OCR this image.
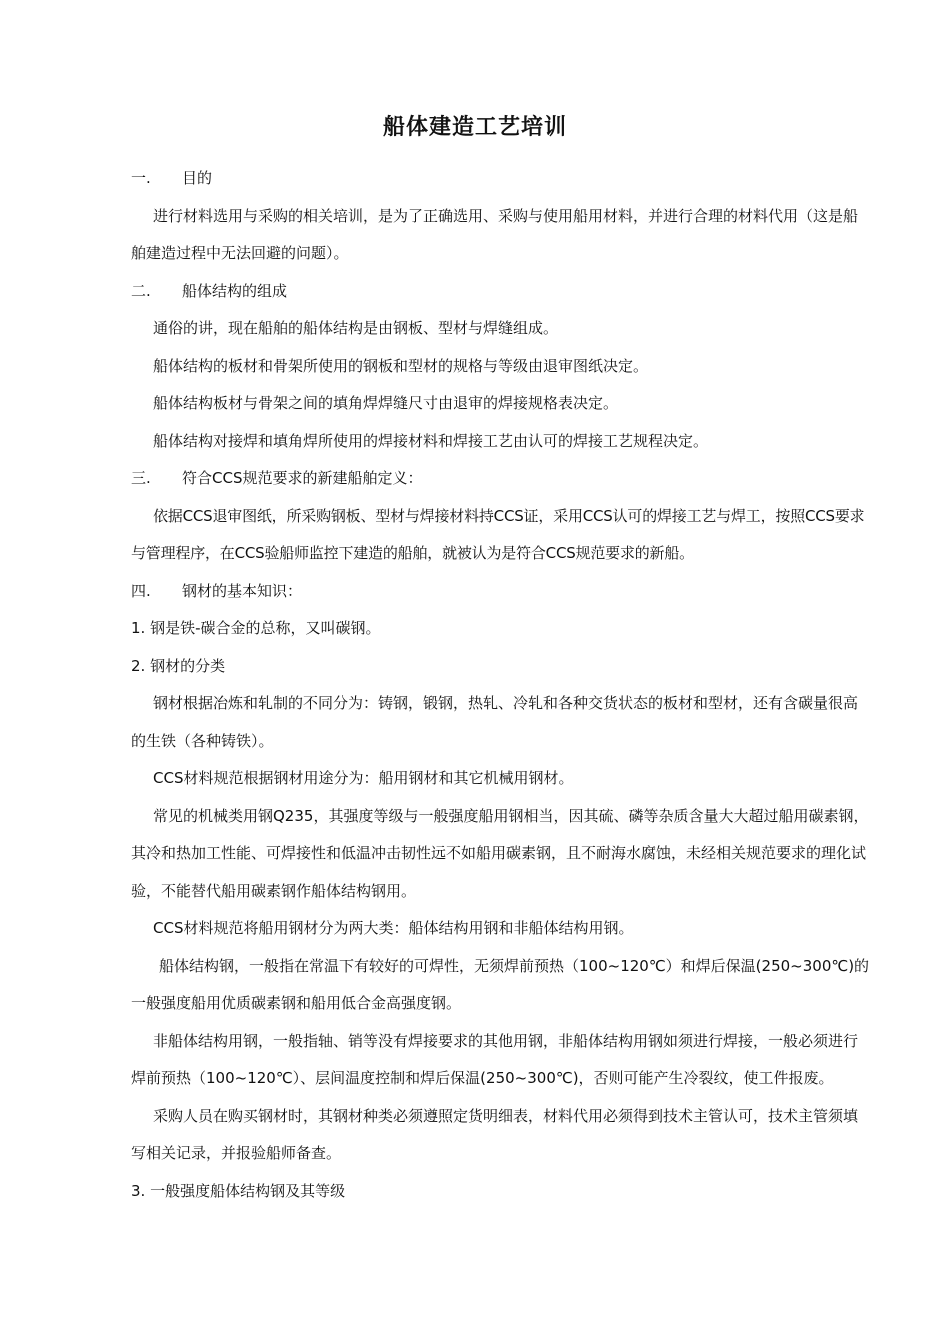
船体建造工艺培训

一. 目的

进行材料选用与采购的相关培训，是为了正确选用、采购与使用船用材料，并进行合理的材料代用（这是船舶建造过程中无法回避的问题）。

二. 船体结构的组成

通俗的讲，现在船舶的船体结构是由钢板、型材与焊缝组成。

船体结构的板材和骨架所使用的钢板和型材的规格与等级由退审图纸决定。

船体结构板材与骨架之间的填角焊焊缝尺寸由退审的焊接规格表决定。

船体结构对接焊和填角焊所使用的焊接材料和焊接工艺由认可的焊接工艺规程决定。

三. 符合CCS规范要求的新建船舶定义：

依据CCS退审图纸，所采购钢板、型材与焊接材料持CCS证，采用CCS认可的焊接工艺与焊工，按照CCS要求与管理程序，在CCS验船师监控下建造的船舶，就被认为是符合CCS规范要求的新船。

四. 钢材的基本知识：

1. 钢是铁-碳合金的总称，又叫碳钢。

2. 钢材的分类

钢材根据冶炼和轧制的不同分为：铸钢，锻钢，热轧、冷轧和各种交货状态的板材和型材，还有含碳量很高的生铁（各种铸铁）。

CCS材料规范根据钢材用途分为：船用钢材和其它机械用钢材。

常见的机械类用钢Q235，其强度等级与一般强度船用钢相当，因其硫、磷等杂质含量大大超过船用碳素钢，其冷和热加工性能、可焊接性和低温冲击韧性远不如船用碳素钢，且不耐海水腐蚀，未经相关规范要求的理化试验，不能替代船用碳素钢作船体结构钢用。

CCS材料规范将船用钢材分为两大类：船体结构用钢和非船体结构用钢。

船体结构钢，一般指在常温下有较好的可焊性，无须焊前预热（100~120℃）和焊后保温(250~300℃)的一般强度船用优质碳素钢和船用低合金高强度钢。

非船体结构用钢，一般指轴、销等没有焊接要求的其他用钢，非船体结构用钢如须进行焊接，一般必须进行焊前预热（100~120℃）、层间温度控制和焊后保温(250~300℃)，否则可能产生冷裂纹，使工件报废。

采购人员在购买钢材时，其钢材种类必须遵照定货明细表，材料代用必须得到技术主管认可，技术主管须填写相关记录，并报验船师备查。

3. 一般强度船体结构钢及其等级
